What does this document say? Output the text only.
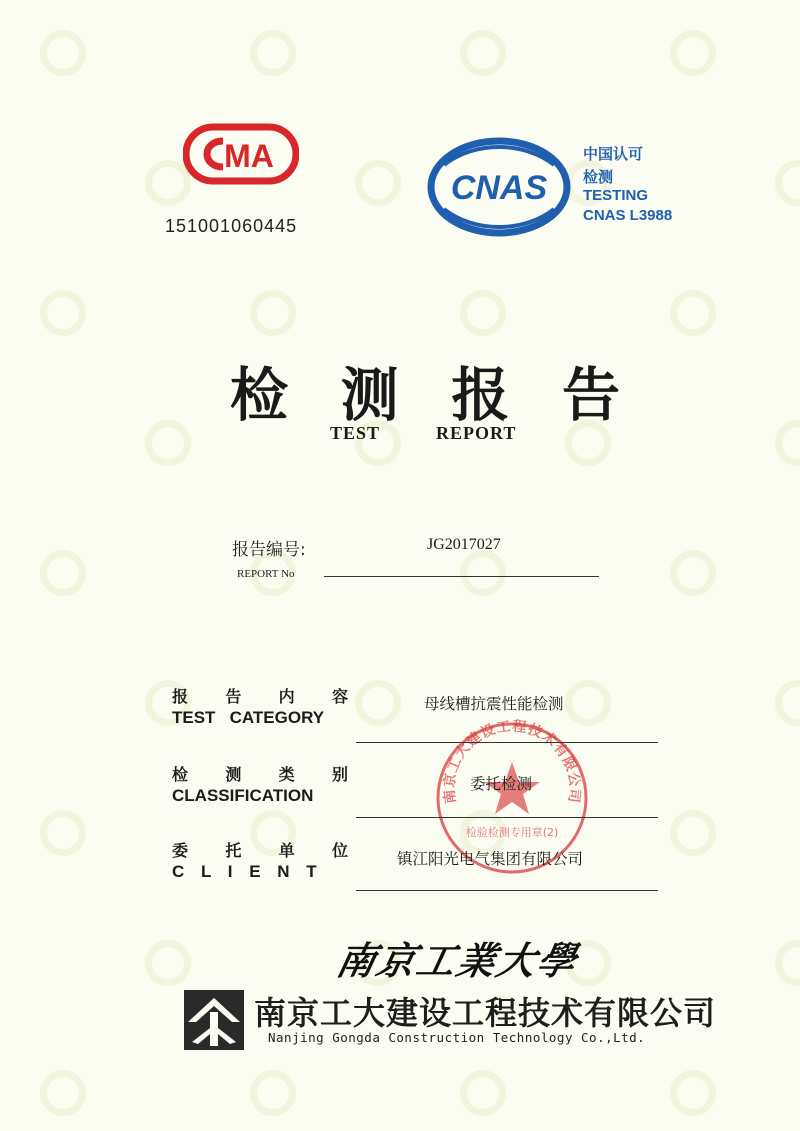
MA
151001060445
CNAS
中国认可
检测
TESTING
CNAS L3988
检 测 报 告
TEST	REPORT
报告编号:
REPORT No
JG2017027
南京工大建设工程技术有限公司
检验检测专用章(2)
报 告 内 容
TEST   CATEGORY
母线槽抗震性能检测
检 测 类 别
CLASSIFICATION
委托检测
委 托 单 位
C L I E N T
镇江阳光电气集团有限公司
南京工業大學
南京工大建设工程技术有限公司
Nanjing Gongda Construction Technology Co.,Ltd.
